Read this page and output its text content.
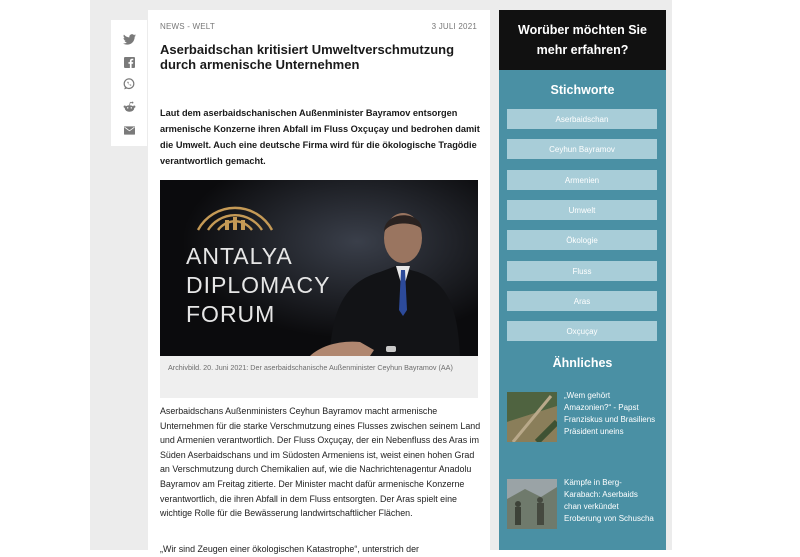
NEWS - WELT	3 JULI 2021
Aserbaidschan kritisiert Umweltverschmutzung durch armenische Unternehmen

Laut dem aserbaidschanischen Außenminister Bayramov entsorgen armenische Konzerne ihren Abfall im Fluss Oxçuçay und bedrohen damit die Umwelt. Auch eine deutsche Firma wird für die ökologische Tragödie verantwortlich gemacht.

ANTALYA
DIPLOMACY
FORUM

Archivbild. 20. Juni 2021: Der aserbaidschanische Außenminister Ceyhun Bayramov (AA)

Aserbaidschans Außenministers Ceyhun Bayramov macht armenische Unternehmen für die starke Verschmutzung eines Flusses zwischen seinem Land und Armenien verantwortlich. Der Fluss Oxçuçay, der ein Nebenfluss des Aras im Süden Aserbaidschans und im Südosten Armeniens ist, weist einen hohen Grad an Verschmutzung durch Chemikalien auf, wie die Nachrichtenagentur Anadolu Bayramov am Freitag zitierte. Der Minister macht dafür armenische Konzerne verantwortlich, die ihren Abfall in dem Fluss entsorgten. Der Aras spielt eine wichtige Rolle für die Bewässerung landwirtschaftlicher Flächen.

„Wir sind Zeugen einer ökologischen Katastrophe“, unterstrich der

Worüber möchten Sie mehr erfahren?
Stichworte
Aserbaidschan
Ceyhun Bayramov
Armenien
Umwelt
Ökologie
Fluss
Aras
Oxçuçay
Ähnliches

„Wem gehört Amazonien?“ - Papst Franziskus und Brasiliens Präsident uneins

Kämpfe in Berg-Karabach: Aserbaids chan verkündet Eroberung von Schuscha
